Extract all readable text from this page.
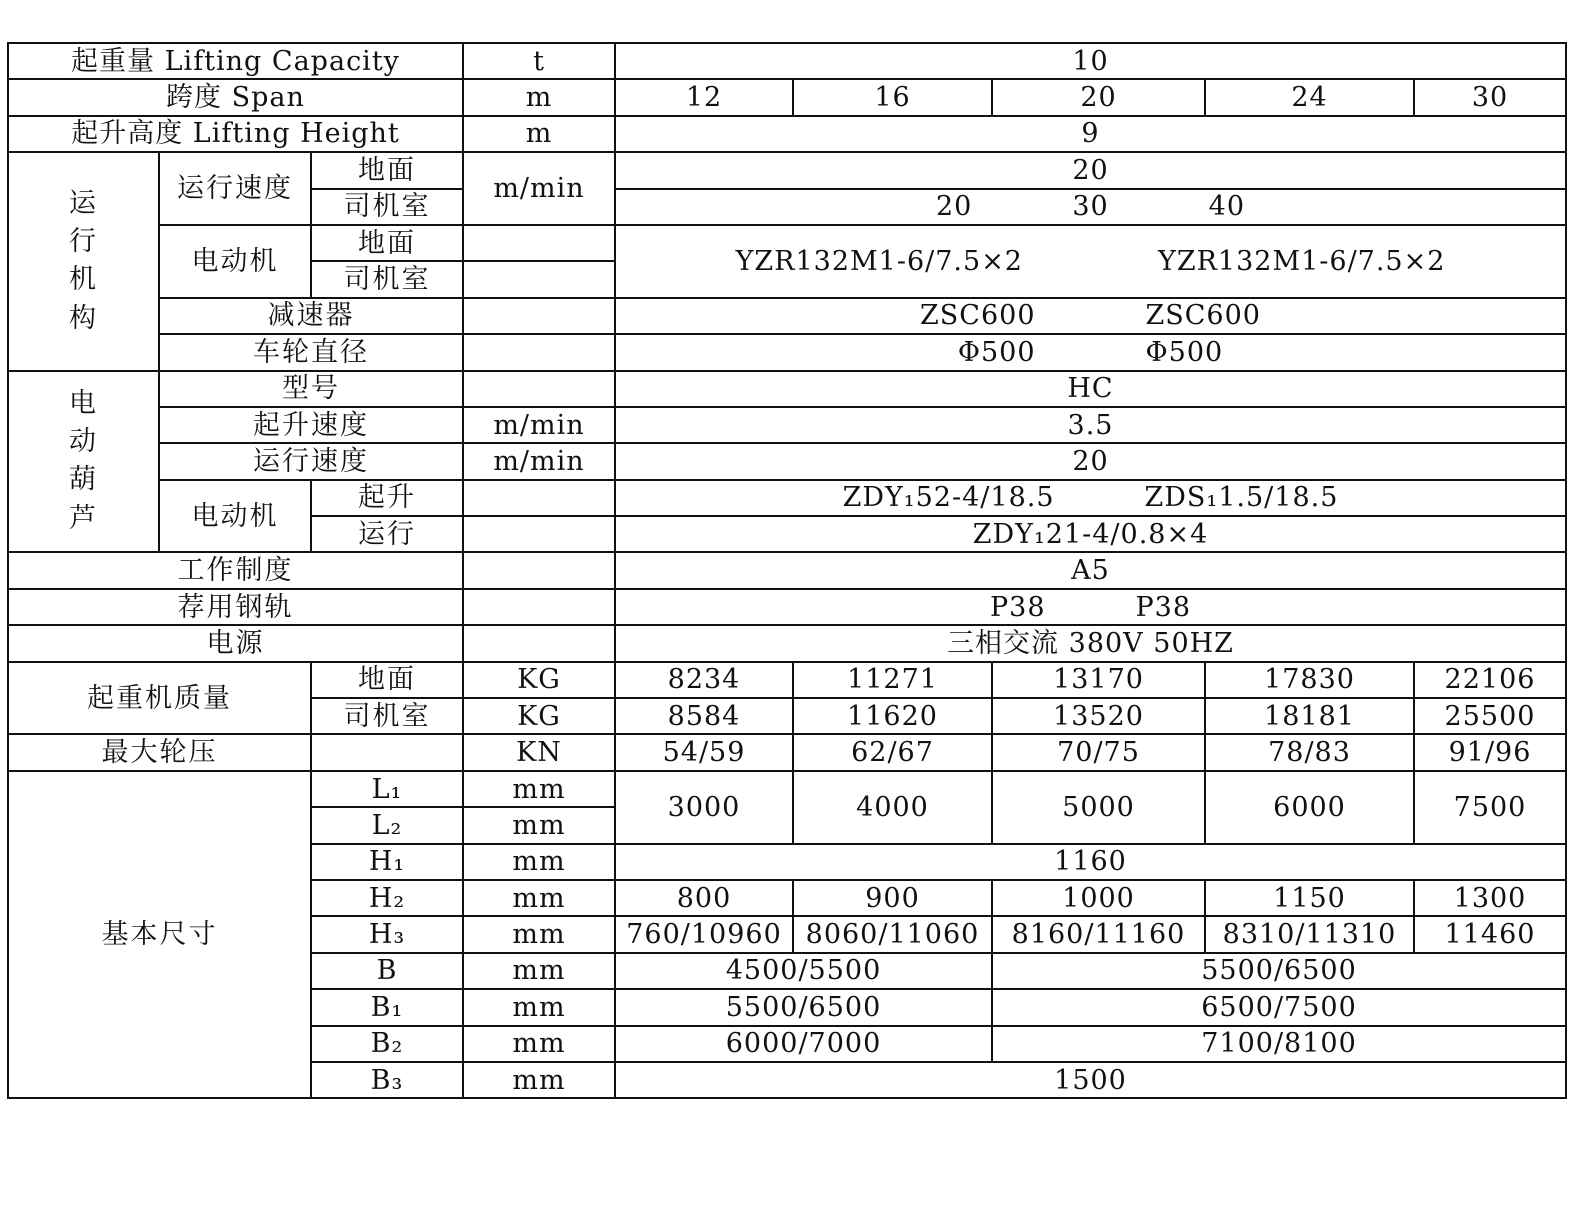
起重量 Lifting Capacity			t	10				
跨度 Span			m	12	16	20	24	30
起升高度 Lifting Height			m	9				

运行机构	运行速度	地面	m/min	20				
		司机室		20 30 40				
	电动机	地面		YZR132M1-6/7.5×2 YZR132M1-6/7.5×2				
		司机室						
	减速器			ZSC600 ZSC600				
	车轮直径			Φ500 Φ500				

电动葫芦	型号			HC				
	起升速度		m/min	3.5				
	运行速度		m/min	20				
	电动机	起升		ZDY₁52-4/18.5 ZDS₁1.5/18.5				
		运行		ZDY₁21-4/0.8×4				
工作制度				A5				
荐用钢轨				P38 P38				
电源				三相交流 380V 50HZ				
起重机质量		地面	KG	8234	11271	13170	17830	22106
		司机室	KG	8584	11620	13520	18181	25500
最大轮压			KN	54/59	62/67	70/75	78/83	91/96
基本尺寸		L₁	mm	3000	4000	5000	6000	7500
		L₂	mm					
		H₁	mm	1160				
		H₂	mm	800	900	1000	1150	1300
		H₃	mm	760/10960	8060/11060	8160/11160	8310/11310	11460
		B	mm	4500/5500		5500/6500		
		B₁	mm	5500/6500		6500/7500		
		B₂	mm	6000/7000		7100/8100		
		B₃	mm	1500				
